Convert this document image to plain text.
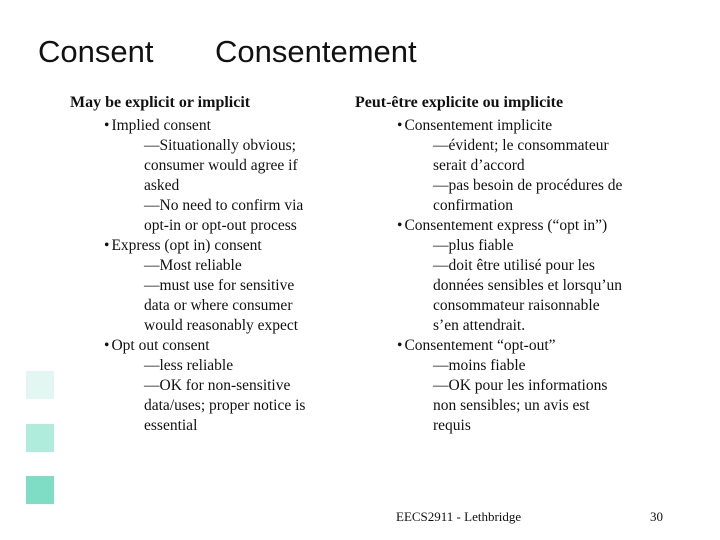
Consent Consentement
May be explicit or implicit
• Implied consent
—Situationally obvious;
consumer would agree if
asked
—No need to confirm via
opt-in or opt-out process
• Express (opt in) consent
—Most reliable
—must use for sensitive
data or where consumer
would reasonably expect
• Opt out consent
—less reliable
—OK for non-sensitive
data/uses; proper notice is
essential
Peut-être explicite ou implicite
• Consentement implicite
—évident; le consommateur
serait d’accord
—pas besoin de procédures de
confirmation
• Consentement express (“opt in”)
—plus fiable
—doit être utilisé pour les
données sensibles et lorsqu’un
consommateur raisonnable
s’en attendrait.
• Consentement “opt-out”
—moins fiable
—OK pour les informations
non sensibles; un avis est
requis
EECS2911 - Lethbridge	30
